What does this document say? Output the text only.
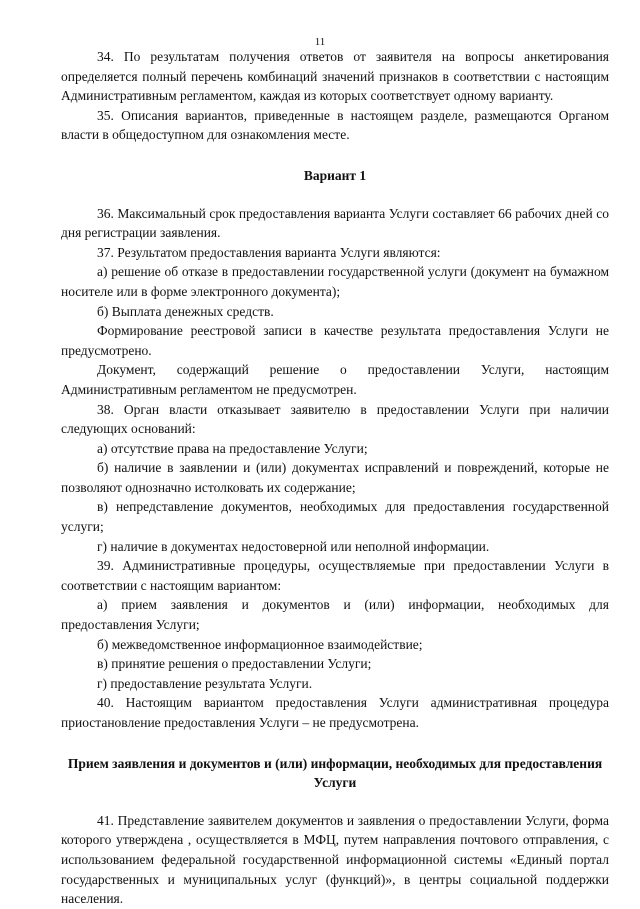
11

34. По результатам получения ответов от заявителя на вопросы анкетирования определяется полный перечень комбинаций значений признаков в соответствии с настоящим Административным регламентом, каждая из которых соответствует одному варианту.

35. Описания вариантов, приведенные в настоящем разделе, размещаются Органом власти в общедоступном для ознакомления месте.

Вариант 1

36. Максимальный срок предоставления варианта Услуги составляет 66 рабочих дней со дня регистрации заявления.

37. Результатом предоставления варианта Услуги являются:

а) решение об отказе в предоставлении государственной услуги (документ на бумажном носителе или в форме электронного документа);

б) Выплата денежных средств.

Формирование реестровой записи в качестве результата предоставления Услуги не предусмотрено.

Документ, содержащий решение о предоставлении Услуги, настоящим Административным регламентом не предусмотрен.

38. Орган власти отказывает заявителю в предоставлении Услуги при наличии следующих оснований:

а) отсутствие права на предоставление Услуги;

б) наличие в заявлении и (или) документах исправлений и повреждений, которые не позволяют однозначно истолковать их содержание;

в) непредставление документов, необходимых для предоставления государственной услуги;

г) наличие в документах недостоверной или неполной информации.

39. Административные процедуры, осуществляемые при предоставлении Услуги в соответствии с настоящим вариантом:

а) прием заявления и документов и (или) информации, необходимых для предоставления Услуги;

б) межведомственное информационное взаимодействие;

в) принятие решения о предоставлении Услуги;

г) предоставление результата Услуги.

40. Настоящим вариантом предоставления Услуги административная процедура приостановление предоставления Услуги – не предусмотрена.

Прием заявления и документов и (или) информации, необходимых для предоставления Услуги

41. Представление заявителем документов и заявления о предоставлении Услуги, форма которого утверждена , осуществляется в МФЦ, путем направления почтового отправления, с использованием федеральной государственной информационной системы «Единый портал государственных и муниципальных услуг (функций)», в центры социальной поддержки населения.
